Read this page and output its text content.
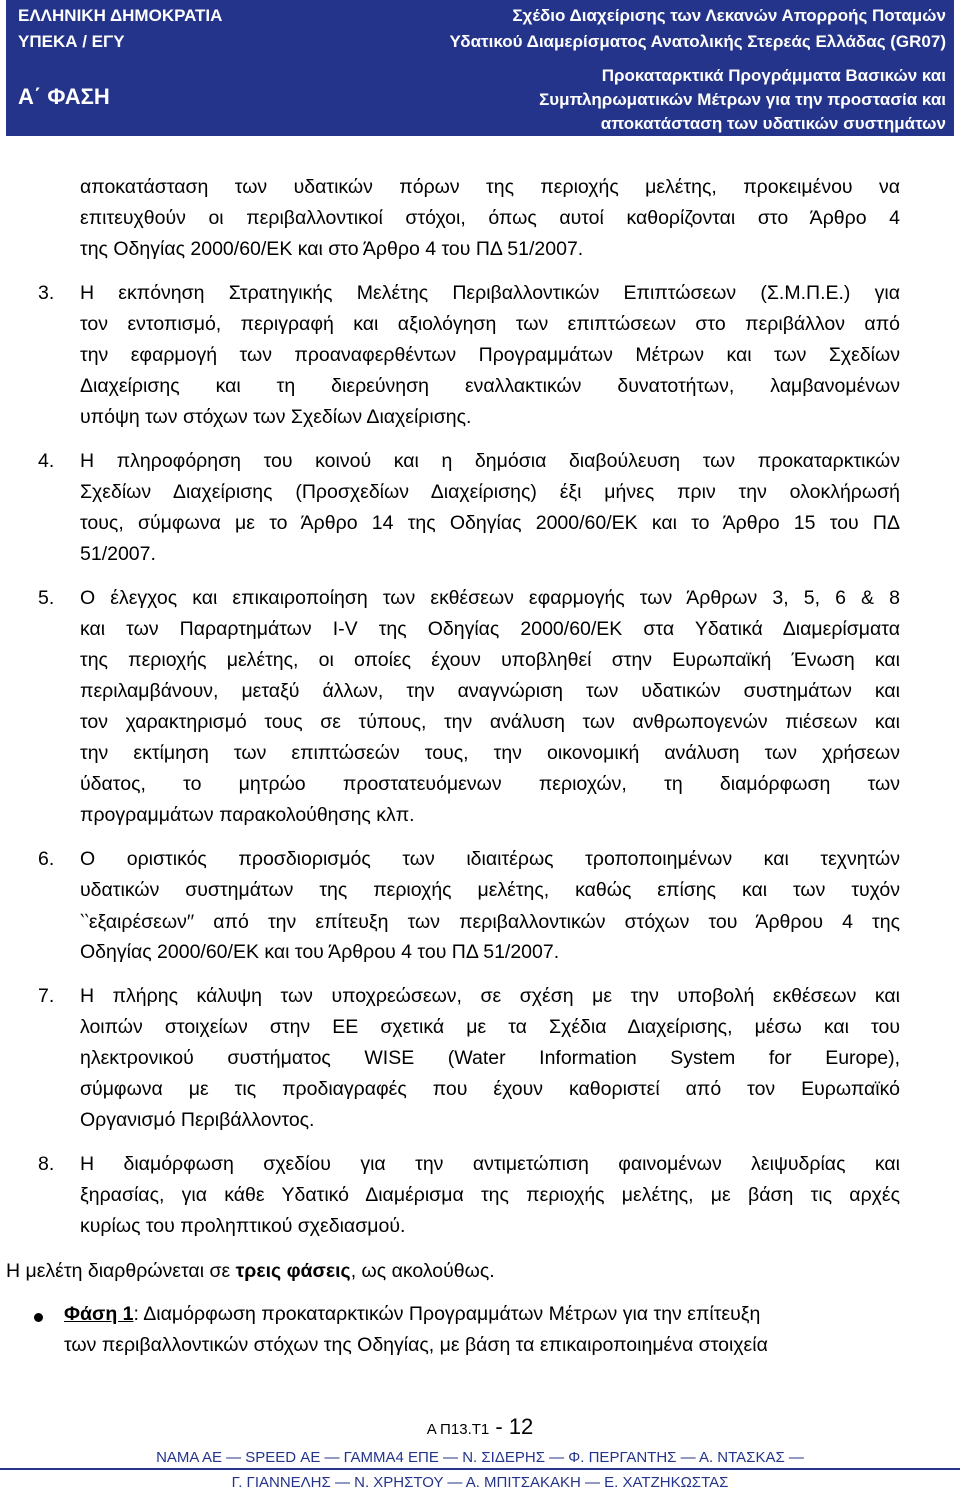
ΕΛΛΗΝΙΚΗ ΔΗΜΟΚΡΑΤΙΑ
ΥΠΕΚΑ / ΕΓΥ
Α΄ ΦΑΣΗ
Σχέδιο Διαχείρισης των Λεκανών Απορροής Ποταμών
Υδατικού Διαμερίσματος Ανατολικής Στερεάς Ελλάδας (GR07)
Προκαταρκτικά Προγράμματα Βασικών και
Συμπληρωματικών Μέτρων για την προστασία και
αποκατάσταση των υδατικών συστημάτων
αποκατάσταση των υδατικών πόρων της περιοχής μελέτης, προκειμένου να
επιτευχθούν οι περιβαλλοντικοί στόχοι, όπως αυτοί καθορίζονται στο Άρθρο 4
της Οδηγίας 2000/60/ΕΚ και στο Άρθρο 4 του ΠΔ 51/2007.
3. Η εκπόνηση Στρατηγικής Μελέτης Περιβαλλοντικών Επιπτώσεων (Σ.Μ.Π.Ε.) για
τον εντοπισμό, περιγραφή και αξιολόγηση των επιπτώσεων στο περιβάλλον από
την εφαρμογή των προαναφερθέντων Προγραμμάτων Μέτρων και των Σχεδίων
Διαχείρισης και τη διερεύνηση εναλλακτικών δυνατοτήτων, λαμβανομένων
υπόψη των στόχων των Σχεδίων Διαχείρισης.
4. Η πληροφόρηση του κοινού και η δημόσια διαβούλευση των προκαταρκτικών
Σχεδίων Διαχείρισης (Προσχεδίων Διαχείρισης) έξι μήνες πριν την ολοκλήρωσή
τους, σύμφωνα με το Άρθρο 14 της Οδηγίας 2000/60/ΕΚ και το Άρθρο 15 του ΠΔ
51/2007.
5. Ο έλεγχος και επικαιροποίηση των εκθέσεων εφαρμογής των Άρθρων 3, 5, 6 & 8
και των Παραρτημάτων I-V της Οδηγίας 2000/60/ΕΚ στα Υδατικά Διαμερίσματα
της περιοχής μελέτης, οι οποίες έχουν υποβληθεί στην Ευρωπαϊκή Ένωση και
περιλαμβάνουν, μεταξύ άλλων, την αναγνώριση των υδατικών συστημάτων και
τον χαρακτηρισμό τους σε τύπους, την ανάλυση των ανθρωπογενών πιέσεων και
την εκτίμηση των επιπτώσεών τους, την οικονομική ανάλυση των χρήσεων
ύδατος, το μητρώο προστατευόμενων περιοχών, τη διαμόρφωση των
προγραμμάτων παρακολούθησης κλπ.
6. Ο οριστικός προσδιορισμός των ιδιαιτέρως τροποποιημένων και τεχνητών
υδατικών συστημάτων της περιοχής μελέτης, καθώς επίσης και των τυχόν
‵‵εξαιρέσεων′′ από την επίτευξη των περιβαλλοντικών στόχων του Άρθρου 4 της
Οδηγίας 2000/60/ΕΚ και του Άρθρου 4 του ΠΔ 51/2007.
7. Η πλήρης κάλυψη των υποχρεώσεων, σε σχέση με την υποβολή εκθέσεων και
λοιπών στοιχείων στην ΕΕ σχετικά με τα Σχέδια Διαχείρισης, μέσω και του
ηλεκτρονικού συστήματος WISE (Water Information System for Europe),
σύμφωνα με τις προδιαγραφές που έχουν καθοριστεί από τον Ευρωπαϊκό
Οργανισμό Περιβάλλοντος.
8. Η διαμόρφωση σχεδίου για την αντιμετώπιση φαινομένων λειψυδρίας και
ξηρασίας, για κάθε Υδατικό Διαμέρισμα της περιοχής μελέτης, με βάση τις αρχές
κυρίως του προληπτικού σχεδιασμού.
Η μελέτη διαρθρώνεται σε τρεις φάσεις, ως ακολούθως.
Φάση 1: Διαμόρφωση προκαταρκτικών Προγραμμάτων Μέτρων για την επίτευξη
των περιβαλλοντικών στόχων της Οδηγίας, με βάση τα επικαιροποιημένα στοιχεία
Α Π13.Τ1 - 12
ΝΑΜΑ ΑΕ — SPEED ΑΕ — ΓΑΜΜΑ4 ΕΠΕ — Ν. ΣΙΔΕΡΗΣ — Φ. ΠΕΡΓΑΝΤΗΣ — Α. ΝΤΑΣΚΑΣ —
Γ. ΓΙΑΝΝΕΛΗΣ — Ν. ΧΡΗΣΤΟΥ — Α. ΜΠΙΤΣΑΚΑΚΗ — Ε. ΧΑΤΖΗΚΩΣΤΑΣ
